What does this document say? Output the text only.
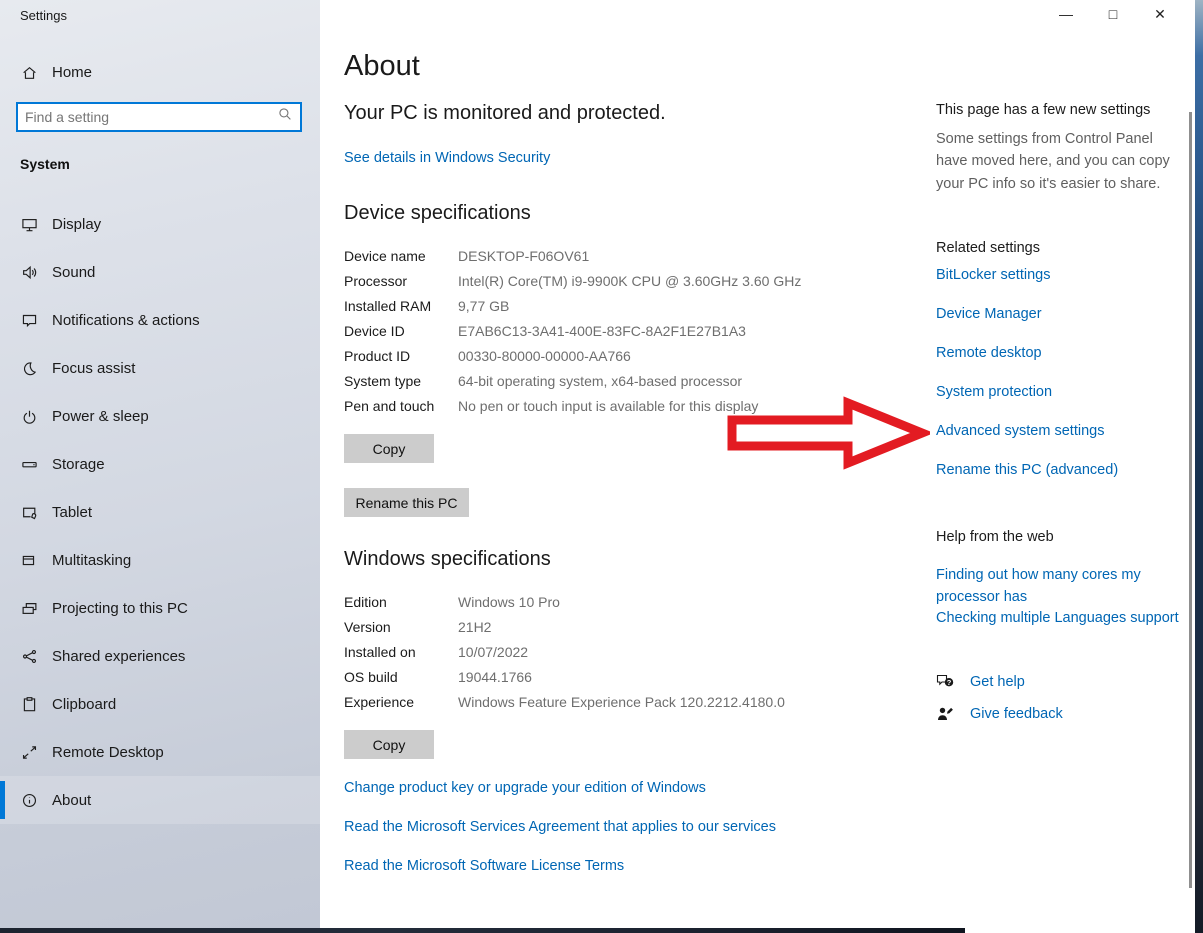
Settings
Home
Find a setting
System
Display
Sound
Notifications & actions
Focus assist
Power & sleep
Storage
Tablet
Multitasking
Projecting to this PC
Shared experiences
Clipboard
Remote Desktop
About
—	□	✕
About
Your PC is monitored and protected.
See details in Windows Security
Device specifications
Device name DESKTOP-F06OV61
Processor	Intel(R) Core(TM) i9-9900K CPU @ 3.60GHz 3.60 GHz
Installed RAM 9,77 GB
Device ID	E7AB6C13-3A41-400E-83FC-8A2F1E27B1A3
Product ID	00330-80000-00000-AA766
System type	64-bit operating system, x64-based processor
Pen and touch No pen or touch input is available for this display
Copy
Rename this PC
Windows specifications
Edition	Windows 10 Pro
Version	21H2
Installed on	10/07/2022
OS build	19044.1766
Experience	Windows Feature Experience Pack 120.2212.4180.0
Copy
Change product key or upgrade your edition of Windows
Read the Microsoft Services Agreement that applies to our services
Read the Microsoft Software License Terms
This page has a few new settings
Some settings from Control Panel have moved here, and you can copy your PC info so it's easier to share.
Related settings
BitLocker settings
Device Manager
Remote desktop
System protection
Advanced system settings
Rename this PC (advanced)
Help from the web
Finding out how many cores my processor has
Checking multiple Languages support
? Get help
Give feedback
